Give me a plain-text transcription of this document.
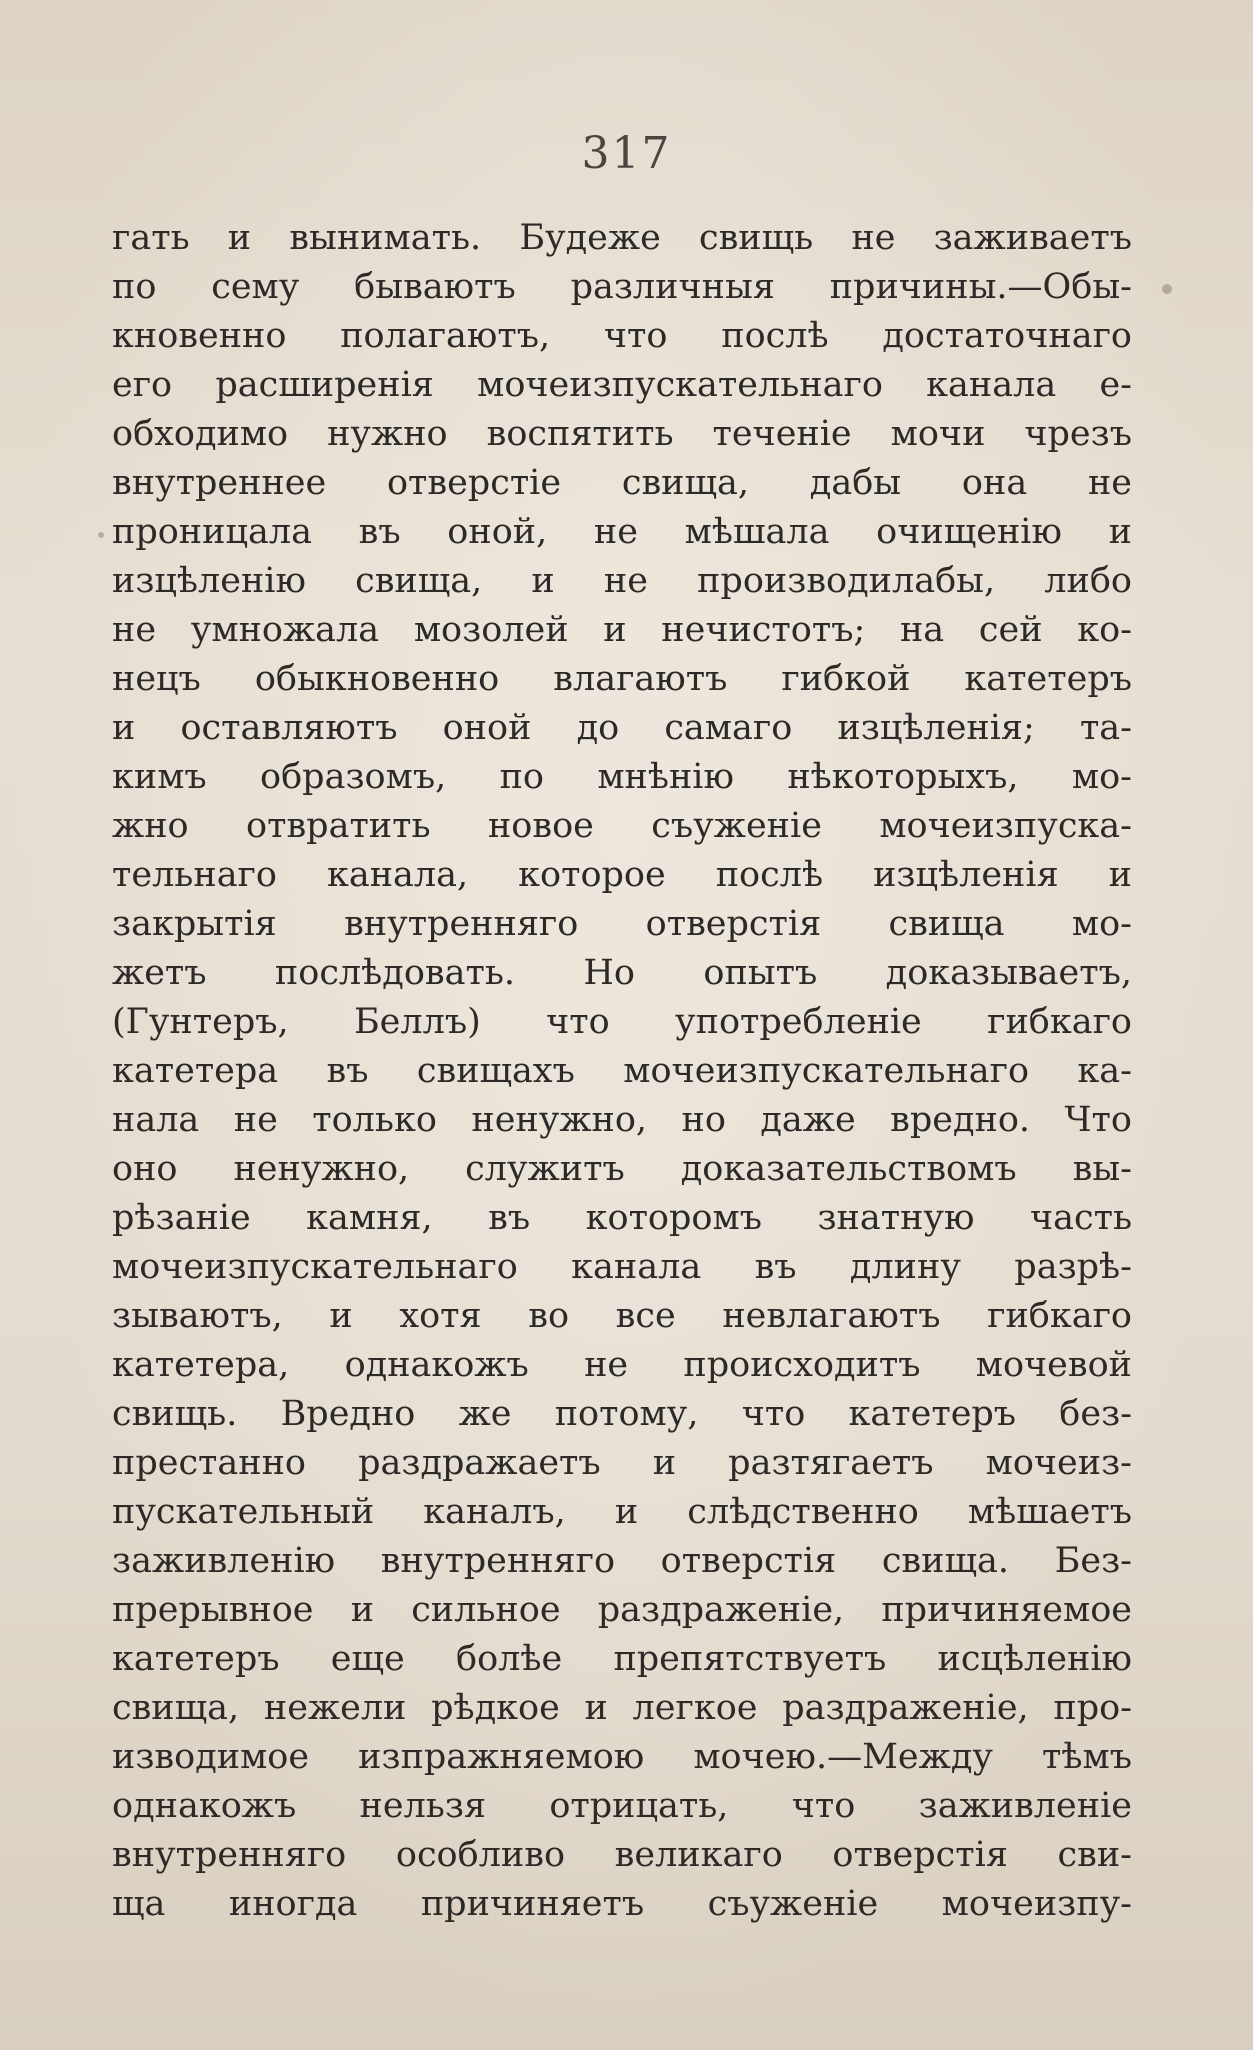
317
гать и вынимать. Будеже свищь не заживаетъ
по сему бываютъ различныя причины.—Обы-
кновенно полагаютъ, что послѣ достаточнаго
его расширенія мочеизпускательнаго канала е-
обходимо нужно воспятить теченіе мочи чрезъ
внутреннее отверстіе свища, дабы она не
проницала въ оной, не мѣшала очищенію и
изцѣленію свища, и не производилабы, либо
не умножала мозолей и нечистотъ; на сей ко-
нецъ обыкновенно влагаютъ гибкой катетеръ
и оставляютъ оной до самаго изцѣленія; та-
кимъ образомъ, по мнѣнію нѣкоторыхъ, мо-
жно отвратить новое съуженіе мочеизпуска-
тельнаго канала, которое послѣ изцѣленія и
закрытія внутренняго отверстія свища мо-
жетъ послѣдовать. Но опытъ доказываетъ,
(Гунтеръ, Беллъ) что употребленіе гибкаго
катетера въ свищахъ мочеизпускательнаго ка-
нала не только ненужно, но даже вредно. Что
оно ненужно, служитъ доказательствомъ вы-
рѣзаніе камня, въ которомъ знатную часть
мочеизпускательнаго канала въ длину разрѣ-
зываютъ, и хотя во все невлагаютъ гибкаго
катетера, однакожъ не происходитъ мочевой
свищь. Вредно же потому, что катетеръ без-
престанно раздражаетъ и разтягаетъ мочеиз-
пускательный каналъ, и слѣдственно мѣшаетъ
заживленію внутренняго отверстія свища. Без-
прерывное и сильное раздраженіе, причиняемое
катетеръ еще болѣе препятствуетъ исцѣленію
свища, нежели рѣдкое и легкое раздраженіе, про-
изводимое изпражняемою мочею.—Между тѣмъ
однакожъ нельзя отрицать, что заживленіе
внутренняго особливо великаго отверстія сви-
ща иногда причиняетъ съуженіе мочеизпу-
